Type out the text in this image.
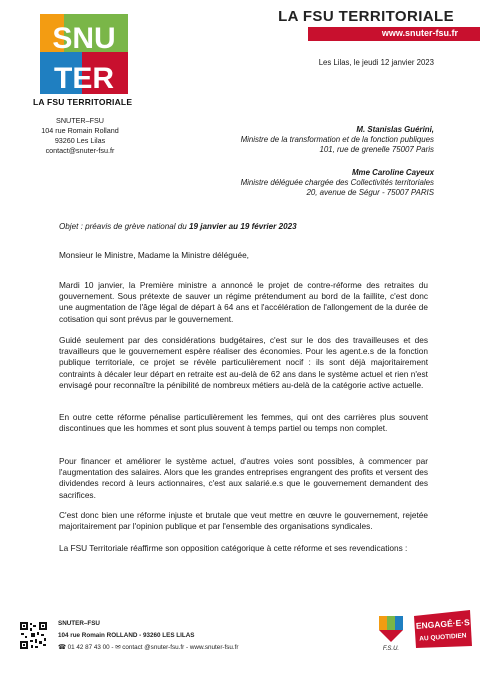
SNU
TER
LA FSU TERRITORIALE
LA FSU TERRITORIALE
www.snuter-fsu.fr
Les Lilas, le jeudi 12 janvier 2023
SNUTER–FSU
104 rue Romain Rolland
93260 Les Lilas
contact@snuter-fsu.fr
M. Stanislas Guérini,
Ministre de la transformation et de la fonction publiques
101, rue de grenelle 75007 Paris
Mme Caroline Cayeux
Ministre déléguée chargée des Collectivités territoriales
20, avenue de Ségur - 75007 PARIS
Objet : préavis de grève national du 19 janvier au 19 février 2023
Monsieur le Ministre, Madame la Ministre déléguée,
Mardi 10 janvier, la Première ministre a annoncé le projet de contre-réforme des retraites du gouvernement. Sous prétexte de sauver un régime prétendument au bord de la faillite, c'est donc une augmentation de l'âge légal de départ à 64 ans et l'accélération de l'allongement de la durée de cotisation qui sont prévus par le gouvernement.
Guidé seulement par des considérations budgétaires, c'est sur le dos des travailleuses et des travailleurs que le gouvernement espère réaliser des économies. Pour les agent.e.s de la fonction publique territoriale, ce projet se révèle particulièrement nocif : ils sont déjà majoritairement contraints à décaler leur départ en retraite est au-delà de 62 ans dans le système actuel et rien n'est envisagé pour reconnaître la pénibilité de nombreux métiers au-delà de la catégorie active actuelle.
En outre cette réforme pénalise particulièrement les femmes, qui ont des carrières plus souvent discontinues que les hommes et sont plus souvent à temps partiel ou temps non complet.
Pour financer et améliorer le système actuel, d'autres voies sont possibles, à commencer par l'augmentation des salaires. Alors que les grandes entreprises engrangent des profits et versent des dividendes record à leurs actionnaires, c'est aux salarié.e.s que le gouvernement demandent des sacrifices.
C'est donc bien une réforme injuste et brutale que veut mettre en œuvre le gouvernement, rejetée majoritairement par l'opinion publique et par l'ensemble des organisations syndicales.
La FSU Territoriale réaffirme son opposition catégorique à cette réforme et ses revendications :
SNUTER–FSU
104 rue Romain ROLLAND - 93260 LES LILAS
☎ 01 42 87 43 00 - ✉ contact @snuter-fsu.fr - www.snuter-fsu.fr	F.S.U.
ENGAGÉ·E·S
AU QUOTIDIEN
